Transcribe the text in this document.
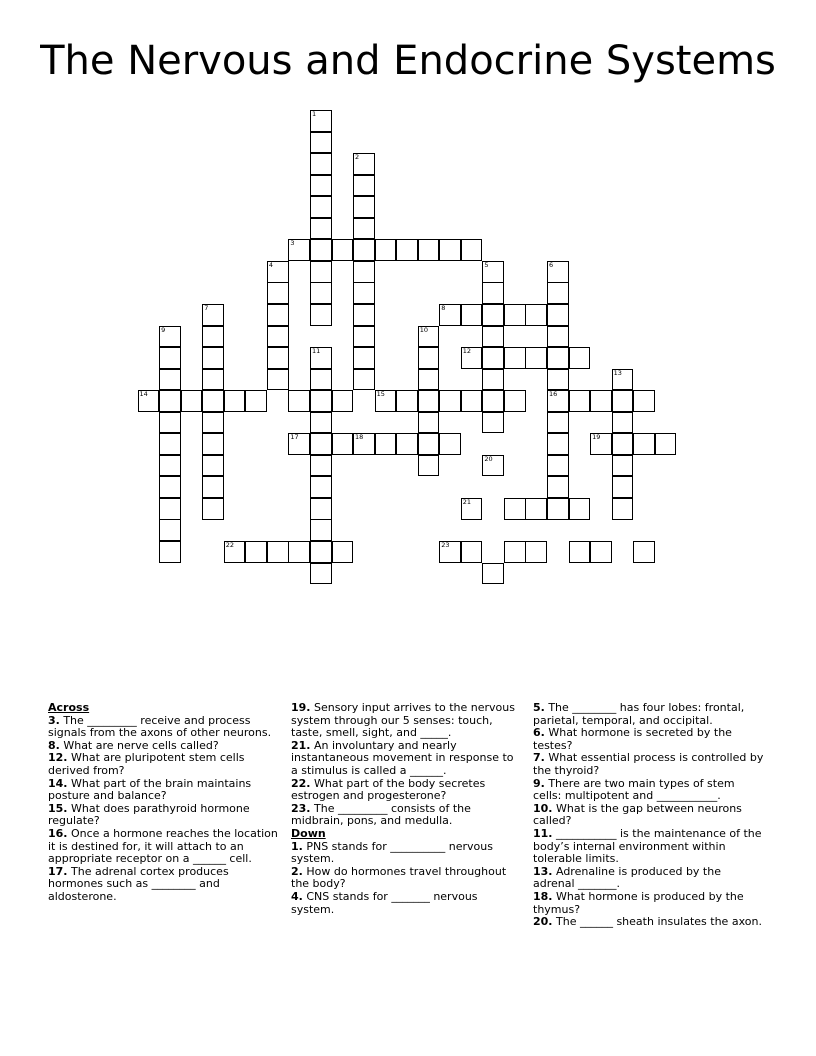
The Nervous and Endocrine Systems
1
2
3
4	5	6
16
7	8
9	10
11	12
13
14	15
17	18	19
20
21
22	23
Across
3. The _________ receive and process signals from the axons of other neurons.
8. What are nerve cells called?
12. What are pluripotent stem cells derived from?
14. What part of the brain maintains posture and balance?
15. What does parathyroid hormone regulate?
16. Once a hormone reaches the location it is destined for, it will attach to an appropriate receptor on a ______ cell.
17. The adrenal cortex produces hormones such as ________ and aldosterone.
19. Sensory input arrives to the nervous system through our 5 senses: touch, taste, smell, sight, and _____.
21. An involuntary and nearly instantaneous movement in response to a stimulus is called a ______.
22. What part of the body secretes estrogen and progesterone?
23. The _________ consists of the midbrain, pons, and medulla.
Down
1. PNS stands for __________ nervous system.
2. How do hormones travel throughout the body?
4. CNS stands for _______ nervous system.
5. The ________ has four lobes: frontal, parietal, temporal, and occipital.
6. What hormone is secreted by the testes?
7. What essential process is controlled by the thyroid?
9. There are two main types of stem cells: multipotent and ___________.
10. What is the gap between neurons called?
11. ___________ is the maintenance of the body’s internal environment within tolerable limits.
13. Adrenaline is produced by the adrenal _______.
18. What hormone is produced by the thymus?
20. The ______ sheath insulates the axon.
